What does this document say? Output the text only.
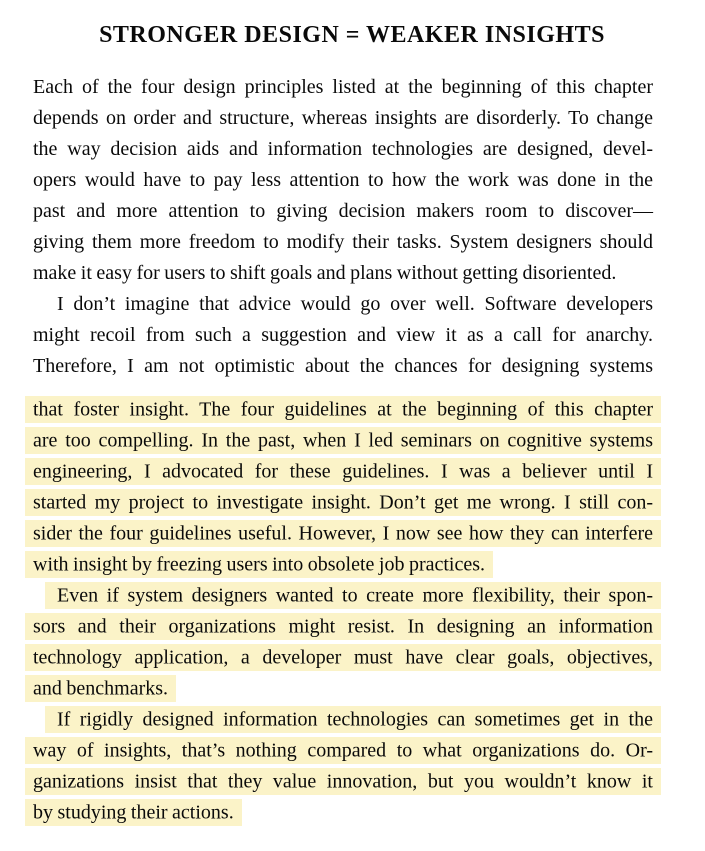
STRONGER DESIGN = WEAKER INSIGHTS
Each of the four design principles listed at the beginning of this chapter
depends on order and structure, whereas insights are disorderly. To change
the way decision aids and information technologies are designed, devel-
opers would have to pay less attention to how the work was done in the
past and more attention to giving decision makers room to discover—
giving them more freedom to modify their tasks. System designers should
make it easy for users to shift goals and plans without getting disoriented.
I don’t imagine that advice would go over well. Software developers
might recoil from such a suggestion and view it as a call for anarchy.
Therefore, I am not optimistic about the chances for designing systems
that foster insight. The four guidelines at the beginning of this chapter
are too compelling. In the past, when I led seminars on cognitive systems
engineering, I advocated for these guidelines. I was a believer until I
started my project to investigate insight. Don’t get me wrong. I still con-
sider the four guidelines useful. However, I now see how they can interfere
with insight by freezing users into obsolete job practices.
Even if system designers wanted to create more flexibility, their spon-
sors and their organizations might resist. In designing an information
technology application, a developer must have clear goals, objectives,
and benchmarks.
If rigidly designed information technologies can sometimes get in the
way of insights, that’s nothing compared to what organizations do. Or-
ganizations insist that they value innovation, but you wouldn’t know it
by studying their actions.
